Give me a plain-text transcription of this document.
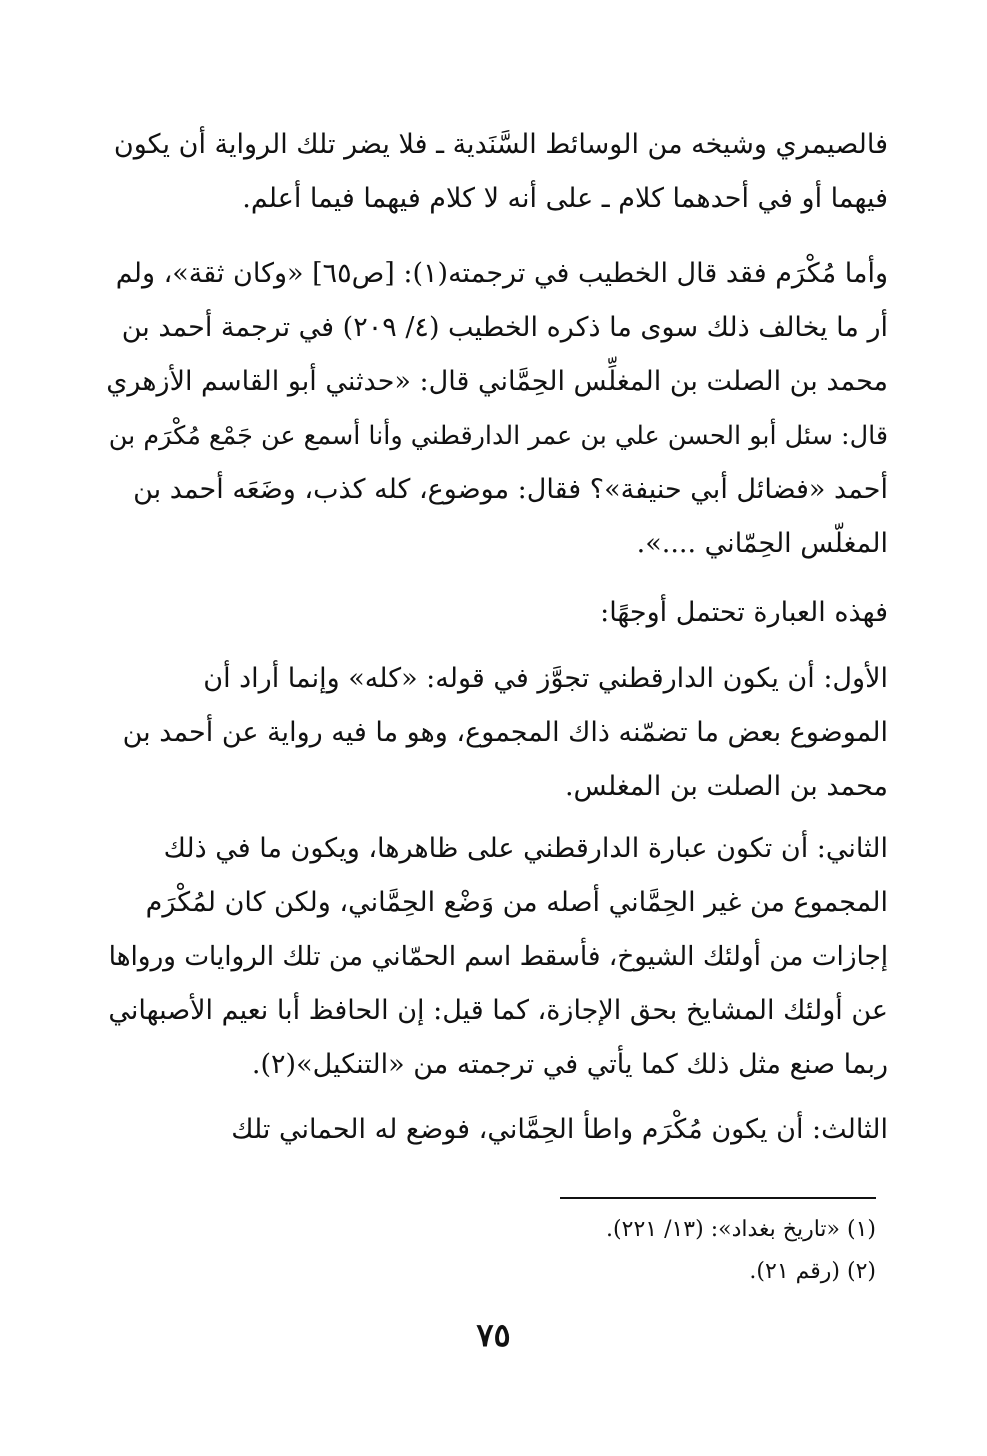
فالصيمري وشيخه من الوسائط السَّنَدية ـ فلا يضر تلك الرواية أن يكون
فيهما أو في أحدهما كلام ـ على أنه لا كلام فيهما فيما أعلم.
وأما مُكْرَم فقد قال الخطيب في ترجمته(١): [ص٦٥] «وكان ثقة»، ولم
أر ما يخالف ذلك سوى ما ذكره الخطيب (٤/ ٢٠٩) في ترجمة أحمد بن
محمد بن الصلت بن المغلِّس الحِمَّاني قال: «حدثني أبو القاسم الأزهري
قال: سئل أبو الحسن علي بن عمر الدارقطني وأنا أسمع عن جَمْع مُكْرَم بن
أحمد «فضائل أبي حنيفة»؟ فقال: موضوع، كله كذب، وضَعَه أحمد بن
المغلّس الحِمّاني ....».
فهذه العبارة تحتمل أوجهًا:
الأول: أن يكون الدارقطني تجوَّز في قوله: «كله» وإنما أراد أن
الموضوع بعض ما تضمّنه ذاك المجموع، وهو ما فيه رواية عن أحمد بن
محمد بن الصلت بن المغلس.
الثاني: أن تكون عبارة الدارقطني على ظاهرها، ويكون ما في ذلك
المجموع من غير الحِمَّاني أصله من وَضْع الحِمَّاني، ولكن كان لمُكْرَم
إجازات من أولئك الشيوخ، فأسقط اسم الحمّاني من تلك الروايات ورواها
عن أولئك المشايخ بحق الإجازة، كما قيل: إن الحافظ أبا نعيم الأصبهاني
ربما صنع مثل ذلك كما يأتي في ترجمته من «التنكيل»(٢).
الثالث: أن يكون مُكْرَم واطأ الحِمَّاني، فوضع له الحماني تلك
(١) «تاريخ بغداد»: (١٣/ ٢٢١).
(٢) (رقم ٢١).
٧٥
